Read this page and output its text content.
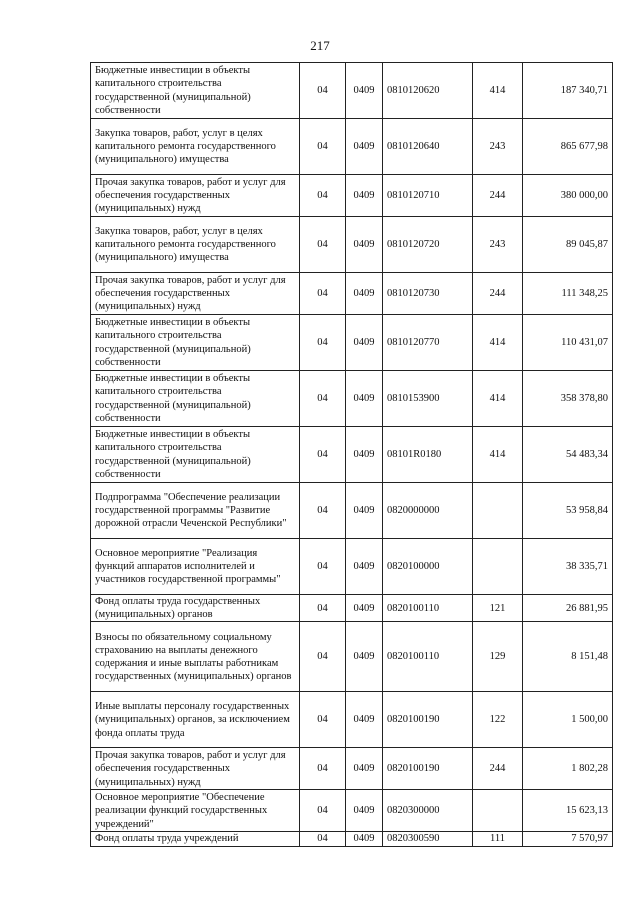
217
Бюджетные инвестиции в объекты капитального строительства государственной (муниципальной) собственности	04	0409	0810120620	414	187 340,71
Закупка товаров, работ, услуг в целях капитального ремонта государственного (муниципального) имущества	04	0409	0810120640	243	865 677,98
Прочая закупка товаров, работ и услуг для обеспечения государственных (муниципальных) нужд	04	0409	0810120710	244	380 000,00
Закупка товаров, работ, услуг в целях капитального ремонта государственного (муниципального) имущества	04	0409	0810120720	243	89 045,87
Прочая закупка товаров, работ и услуг для обеспечения государственных (муниципальных) нужд	04	0409	0810120730	244	111 348,25
Бюджетные инвестиции в объекты капитального строительства государственной (муниципальной) собственности	04	0409	0810120770	414	110 431,07
Бюджетные инвестиции в объекты капитального строительства государственной (муниципальной) собственности	04	0409	0810153900	414	358 378,80
Бюджетные инвестиции в объекты капитального строительства государственной (муниципальной) собственности	04	0409	08101R0180	414	54 483,34
Подпрограмма "Обеспечение реализации государственной программы "Развитие дорожной отрасли Чеченской Республики"	04	0409	0820000000		53 958,84
Основное мероприятие "Реализация функций аппаратов исполнителей и участников государственной программы"	04	0409	0820100000		38 335,71
Фонд оплаты труда государственных (муниципальных) органов	04	0409	0820100110	121	26 881,95
Взносы по обязательному социальному страхованию на выплаты денежного содержания и иные выплаты работникам государственных (муниципальных) органов	04	0409	0820100110	129	8 151,48
Иные выплаты персоналу государственных (муниципальных) органов, за исключением фонда оплаты труда	04	0409	0820100190	122	1 500,00
Прочая закупка товаров, работ и услуг для обеспечения государственных (муниципальных) нужд	04	0409	0820100190	244	1 802,28
Основное мероприятие "Обеспечение реализации функций государственных учреждений"	04	0409	0820300000		15 623,13
Фонд оплаты труда учреждений	04	0409	0820300590	111	7 570,97
